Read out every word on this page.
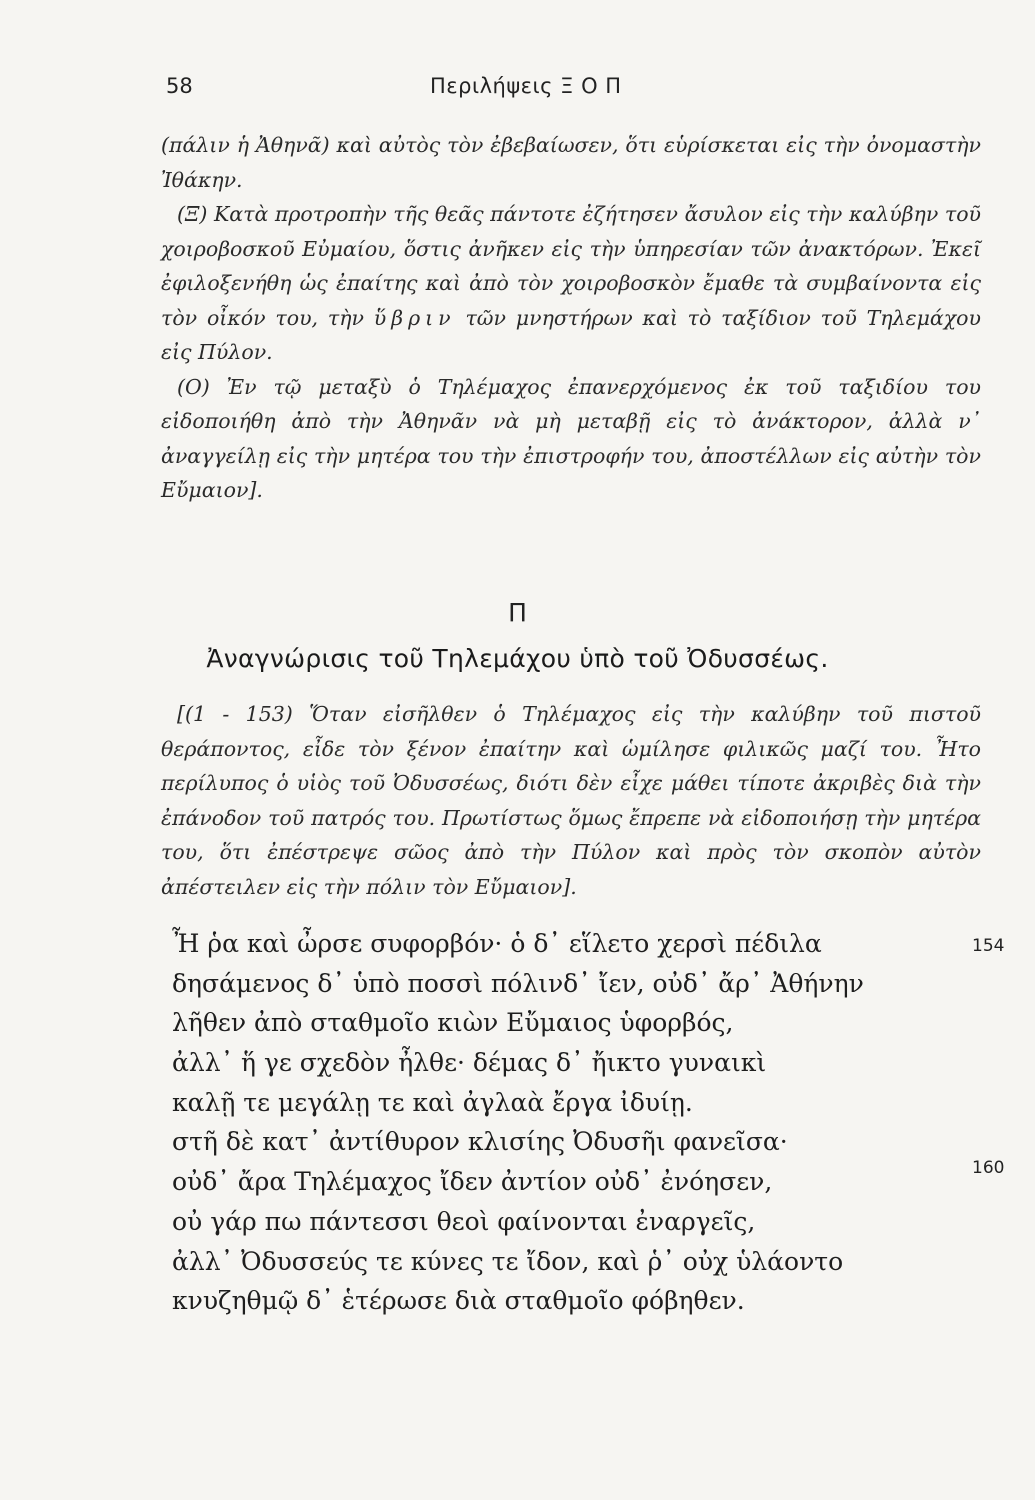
58	Περιλήψεις Ξ Ο Π

(πάλιν ἡ Ἀθηνᾶ) καὶ αὐτὸς τὸν ἐβεβαίωσεν, ὅτι εὑρίσκεται εἰς τὴν ὀνομαστὴν Ἰθάκην.

(Ξ) Κατὰ προτροπὴν τῆς θεᾶς πάντοτε ἐζήτησεν ἄσυλον εἰς τὴν καλύβην τοῦ χοιροβοσκοῦ Εὐμαίου, ὅστις ἀνῆκεν εἰς τὴν ὑπηρεσίαν τῶν ἀνακτόρων. Ἐκεῖ ἐφιλοξενήθη ὡς ἐπαίτης καὶ ἀπὸ τὸν χοιροβοσκὸν ἔμαθε τὰ συμβαίνοντα εἰς τὸν οἶκόν του, τὴν ὕβριν τῶν μνηστήρων καὶ τὸ ταξίδιον τοῦ Τηλεμάχου εἰς Πύλον.

(Ο) Ἐν τῷ μεταξὺ ὁ Τηλέμαχος ἐπανερχόμενος ἐκ τοῦ ταξιδίου του εἰδοποιήθη ἀπὸ τὴν Ἀθηνᾶν νὰ μὴ μεταβῇ εἰς τὸ ἀνάκτορον, ἀλλὰ ν᾽ ἀναγγείλῃ εἰς τὴν μητέρα του τὴν ἐπιστροφήν του, ἀποστέλλων εἰς αὐτὴν τὸν Εὔμαιον].

Π
Ἀναγνώρισις τοῦ Τηλεμάχου ὑπὸ τοῦ Ὀδυσσέως.

[(1 - 153) Ὅταν εἰσῆλθεν ὁ Τηλέμαχος εἰς τὴν καλύβην τοῦ πιστοῦ θεράποντος, εἶδε τὸν ξένον ἐπαίτην καὶ ὡμίλησε φιλικῶς μαζί του. Ἦτο περίλυπος ὁ υἱὸς τοῦ Ὀδυσσέως, διότι δὲν εἶχε μάθει τίποτε ἀκριβὲς διὰ τὴν ἐπάνοδον τοῦ πατρός του. Πρωτίστως ὅμως ἔπρεπε νὰ εἰδοποιήσῃ τὴν μητέρα του, ὅτι ἐπέστρεψε σῶος ἀπὸ τὴν Πύλον καὶ πρὸς τὸν σκοπὸν αὐτὸν ἀπέστειλεν εἰς τὴν πόλιν τὸν Εὔμαιον].

Ἦ ῥα καὶ ὦρσε συφορβόν· ὁ δ᾽ εἵλετο χερσὶ πέδιλα
δησάμενος δ᾽ ὑπὸ ποσσὶ πόλινδ᾽ ἴεν, οὐδ᾽ ἄρ᾽ Ἀθήνην
λῆθεν ἀπὸ σταθμοῖο κιὼν Εὔμαιος ὑφορβός,
ἀλλ᾽ ἥ γε σχεδὸν ἦλθε· δέμας δ᾽ ἤικτο γυναικὶ
καλῇ τε μεγάλῃ τε καὶ ἀγλαὰ ἔργα ἰδυίῃ.
στῆ δὲ κατ᾽ ἀντίθυρον κλισίης Ὀδυσῆι φανεῖσα·
οὐδ᾽ ἄρα Τηλέμαχος ἴδεν ἀντίον οὐδ᾽ ἐνόησεν,
οὐ γάρ πω πάντεσσι θεοὶ φαίνονται ἐναργεῖς,
ἀλλ᾽ Ὀδυσσεύς τε κύνες τε ἴδον, καὶ ῥ᾽ οὐχ ὑλάοντο
κνυζηθμῷ δ᾽ ἑτέρωσε διὰ σταθμοῖο φόβηθεν.
154
160
